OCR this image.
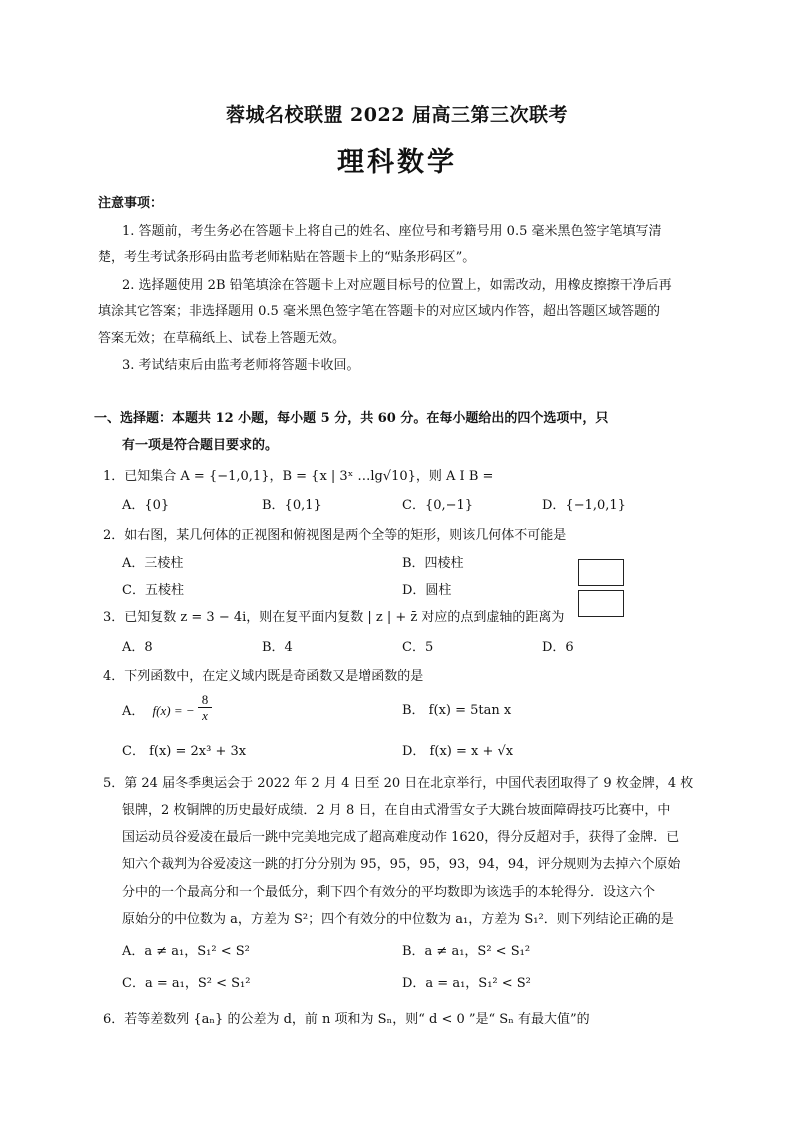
蓉城名校联盟 2022 届高三第三次联考
理科数学
注意事项：
1. 答题前，考生务必在答题卡上将自己的姓名、座位号和考籍号用 0.5 毫米黑色签字笔填写清
楚，考生考试条形码由监考老师粘贴在答题卡上的“贴条形码区”。
2. 选择题使用 2B 铅笔填涂在答题卡上对应题目标号的位置上，如需改动，用橡皮擦擦干净后再
填涂其它答案；非选择题用 0.5 毫米黑色签字笔在答题卡的对应区域内作答，超出答题区域答题的
答案无效；在草稿纸上、试卷上答题无效。
3. 考试结束后由监考老师将答题卡收回。
一、选择题：本题共 12 小题，每小题 5 分，共 60 分。在每小题给出的四个选项中，只
有一项是符合题目要求的。
1．已知集合 A = {−1,0,1}，B = {x | 3ˣ …lg√10}，则 A I B =
A．{0}	B．{0,1}	C．{0,−1}	D．{−1,0,1}
2．如右图，某几何体的正视图和俯视图是两个全等的矩形，则该几何体不可能是
A．三棱柱	B．四棱柱
C．五棱柱	D．圆柱
3．已知复数 z = 3 − 4i，则在复平面内复数 | z | + z̄ 对应的点到虚轴的距离为
A．8	B．4	C．5	D．6
4．下列函数中，在定义域内既是奇函数又是增函数的是
A． f(x) = − $\frac{8}{x}$	B． f(x) = 5tan x
C． f(x) = 2x³ + 3x	D． f(x) = x + √x
5．第 24 届冬季奥运会于 2022 年 2 月 4 日至 20 日在北京举行，中国代表团取得了 9 枚金牌，4 枚
银牌，2 枚铜牌的历史最好成绩．2 月 8 日，在自由式滑雪女子大跳台坡面障碍技巧比赛中，中
国运动员谷爱凌在最后一跳中完美地完成了超高难度动作 1620，得分反超对手，获得了金牌．已
知六个裁判为谷爱凌这一跳的打分分别为 95，95，95，93，94，94，评分规则为去掉六个原始
分中的一个最高分和一个最低分，剩下四个有效分的平均数即为该选手的本轮得分．设这六个
原始分的中位数为 a，方差为 S²；四个有效分的中位数为 a₁，方差为 S₁²．则下列结论正确的是
A．a ≠ a₁，S₁² < S²	B．a ≠ a₁，S² < S₁²
C．a = a₁，S² < S₁²	D．a = a₁，S₁² < S²
6．若等差数列 {aₙ} 的公差为 d，前 n 项和为 Sₙ，则“ d < 0 ”是“ Sₙ 有最大值”的
